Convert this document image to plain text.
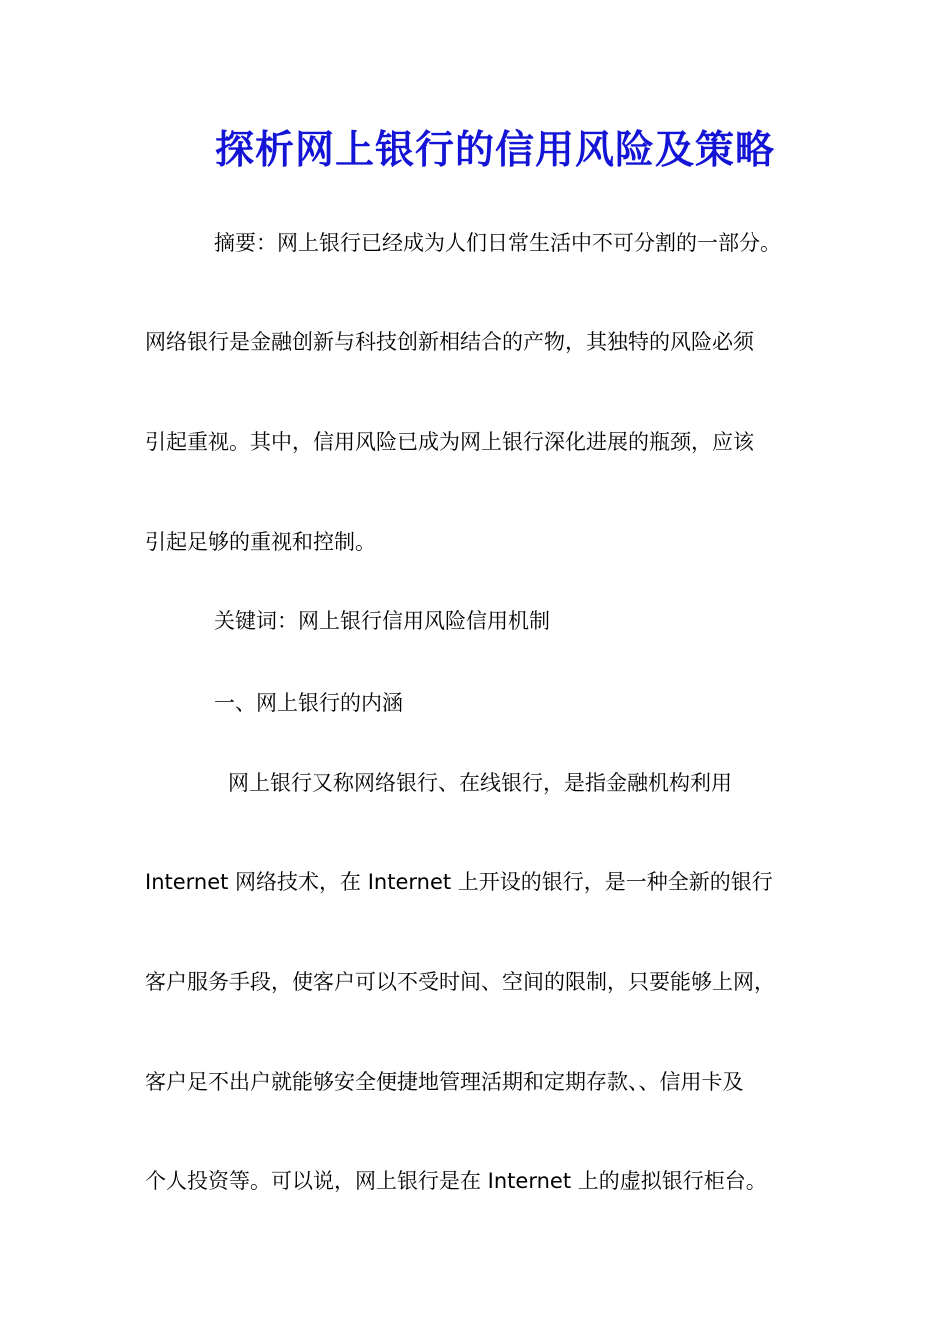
探析网上银行的信用风险及策略
摘要：网上银行已经成为人们日常生活中不可分割的一部分。
网络银行是金融创新与科技创新相结合的产物，其独特的风险必须
引起重视。其中，信用风险已成为网上银行深化进展的瓶颈，应该
引起足够的重视和控制。
关键词：网上银行信用风险信用机制
一、网上银行的内涵
网上银行又称网络银行、在线银行，是指金融机构利用
Internet 网络技术，在 Internet 上开设的银行，是一种全新的银行
客户服务手段，使客户可以不受时间、空间的限制，只要能够上网，
客户足不出户就能够安全便捷地管理活期和定期存款、、信用卡及
个人投资等。可以说，网上银行是在 Internet 上的虚拟银行柜台。
